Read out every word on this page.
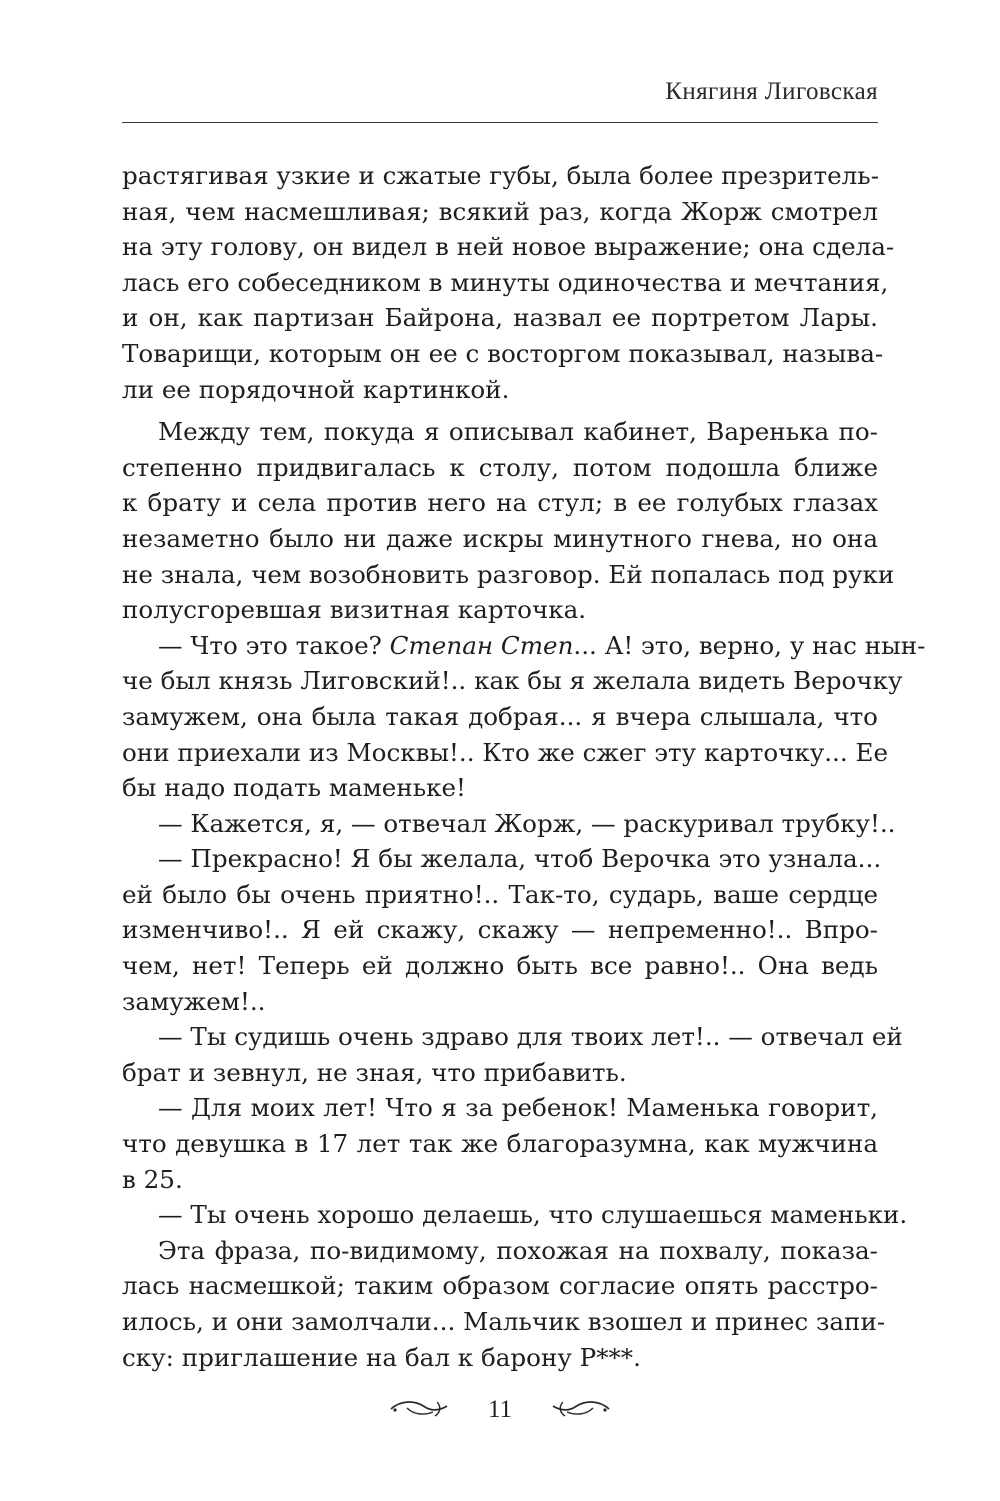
Княгиня Лиговская
растягивая узкие и сжатые губы, была более презритель-
ная, чем насмешливая; всякий раз, когда Жорж смотрел
на эту голову, он видел в ней новое выражение; она сдела-
лась его собеседником в минуты одиночества и мечтания,
и он, как партизан Байрона, назвал ее портретом Лары.
Товарищи, которым он ее с восторгом показывал, называ-
ли ее порядочной картинкой.
Между тем, покуда я описывал кабинет, Варенька по-
степенно придвигалась к столу, потом подошла ближе
к брату и села против него на стул; в ее голубых глазах
незаметно было ни даже искры минутного гнева, но она
не знала, чем возобновить разговор. Ей попалась под руки
полусгоревшая визитная карточка.
— Что это такое? Степан Степ... А! это, верно, у нас нын-
че был князь Лиговский!.. как бы я желала видеть Верочку
замужем, она была такая добрая... я вчера слышала, что
они приехали из Москвы!.. Кто же сжег эту карточку... Ее
бы надо подать маменьке!
— Кажется, я, — отвечал Жорж, — раскуривал трубку!..
— Прекрасно! Я бы желала, чтоб Верочка это узнала...
ей было бы очень приятно!.. Так-то, сударь, ваше сердце
изменчиво!.. Я ей скажу, скажу — непременно!.. Впро-
чем, нет! Теперь ей должно быть все равно!.. Она ведь
замужем!..
— Ты судишь очень здраво для твоих лет!.. — отвечал ей
брат и зевнул, не зная, что прибавить.
— Для моих лет! Что я за ребенок! Маменька говорит,
что девушка в 17 лет так же благоразумна, как мужчина
в 25.
— Ты очень хорошо делаешь, что слушаешься маменьки.
Эта фраза, по-видимому, похожая на похвалу, показа-
лась насмешкой; таким образом согласие опять расстро-
илось, и они замолчали... Мальчик взошел и принес запи-
ску: приглашение на бал к барону Р***.
11
